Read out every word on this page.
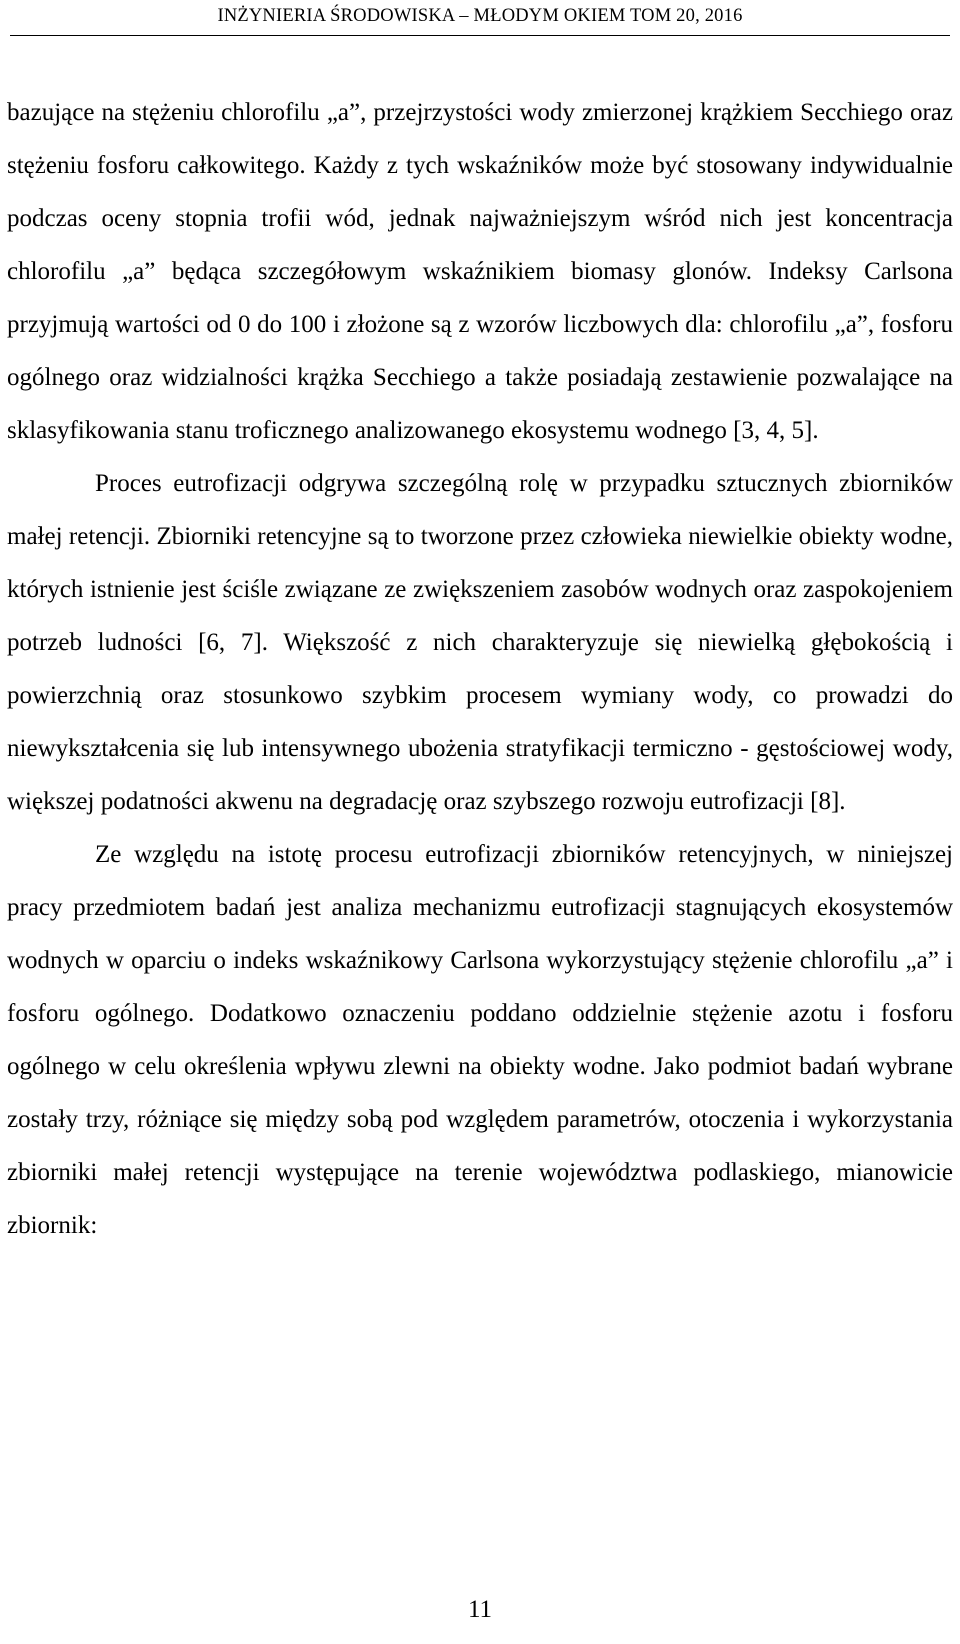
INŻYNIERIA ŚRODOWISKA – MŁODYM OKIEM TOM 20, 2016

bazujące na stężeniu chlorofilu „a”, przejrzystości wody zmierzonej krążkiem Secchiego oraz stężeniu fosforu całkowitego. Każdy z tych wskaźników może być stosowany indywidualnie podczas oceny stopnia trofii wód, jednak najważniejszym wśród nich jest koncentracja chlorofilu „a” będąca szczegółowym wskaźnikiem biomasy glonów. Indeksy Carlsona przyjmują wartości od 0 do 100 i złożone są z wzorów liczbowych dla: chlorofilu „a”, fosforu ogólnego oraz widzialności krążka Secchiego a także posiadają zestawienie pozwalające na sklasyfikowania stanu troficznego analizowanego ekosystemu wodnego [3, 4, 5].

Proces eutrofizacji odgrywa szczególną rolę w przypadku sztucznych zbiorników małej retencji. Zbiorniki retencyjne są to tworzone przez człowieka niewielkie obiekty wodne, których istnienie jest ściśle związane ze zwiększeniem zasobów wodnych oraz zaspokojeniem potrzeb ludności [6, 7]. Większość z nich charakteryzuje się niewielką głębokością i powierzchnią oraz stosunkowo szybkim procesem wymiany wody, co prowadzi do niewykształcenia się lub intensywnego ubożenia stratyfikacji termiczno - gęstościowej wody, większej podatności akwenu na degradację oraz szybszego rozwoju eutrofizacji [8].

Ze względu na istotę procesu eutrofizacji zbiorników retencyjnych, w niniejszej pracy przedmiotem badań jest analiza mechanizmu eutrofizacji stagnujących ekosystemów wodnych w oparciu o indeks wskaźnikowy Carlsona wykorzystujący stężenie chlorofilu „a” i fosforu ogólnego. Dodatkowo oznaczeniu poddano oddzielnie stężenie azotu i fosforu ogólnego w celu określenia wpływu zlewni na obiekty wodne. Jako podmiot badań wybrane zostały trzy, różniące się między sobą pod względem parametrów, otoczenia i wykorzystania zbiorniki małej retencji występujące na terenie województwa podlaskiego, mianowicie zbiornik:

11
